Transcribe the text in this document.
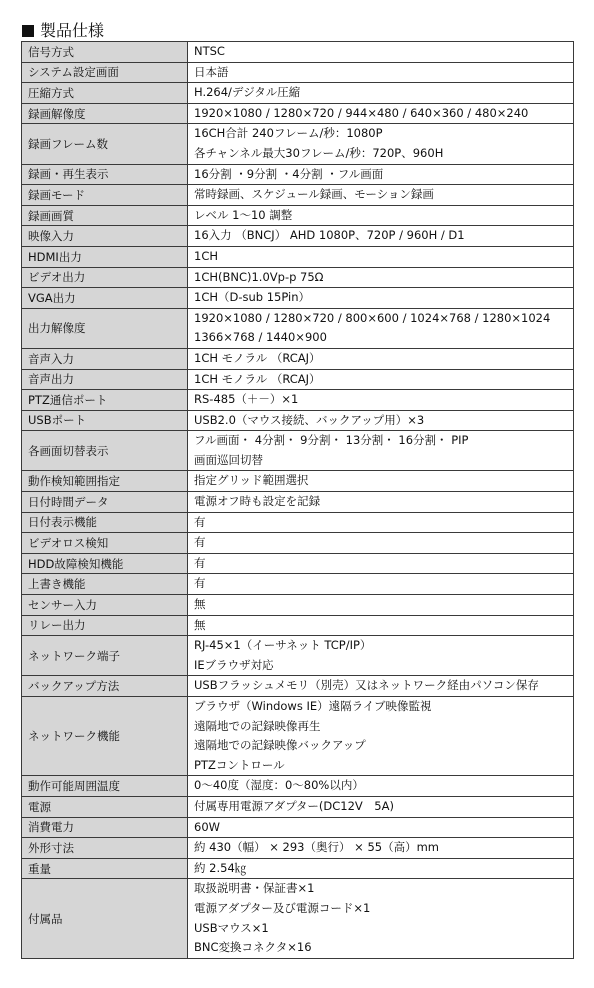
製品仕様
信号方式	NTSC

システム設定画面	日本語

圧縮方式	H.264/デジタル圧縮

録画解像度	1920×1080 / 1280×720 / 944×480 / 640×360 / 480×240

録画フレーム数	16CH合計 240フレーム/秒：1080P
各チャンネル最大30フレーム/秒：720P、960H

録画・再生表示	16分割 ・9分割 ・4分割 ・フル画面

録画モード	常時録画、スケジュール録画、モーション録画

録画画質	レベル 1〜10 調整

映像入力	16入力 （BNCJ） AHD 1080P、720P / 960H / D1

HDMI出力	1CH

ビデオ出力	1CH(BNC)1.0Vp-p 75Ω

VGA出力	1CH（D-sub 15Pin）

出力解像度	1920×1080 / 1280×720 / 800×600 / 1024×768 / 1280×1024
1366×768 / 1440×900

音声入力	1CH モノラル （RCAJ）

音声出力	1CH モノラル （RCAJ）

PTZ通信ポート	RS-485（＋－）×1

USBポート	USB2.0（マウス接続、バックアップ用）×3

各画面切替表示	フル画面・ 4分割・ 9分割・ 13分割・ 16分割・ PIP
画面巡回切替

動作検知範囲指定	指定グリッド範囲選択

日付時間データ	電源オフ時も設定を記録

日付表示機能	有

ビデオロス検知	有

HDD故障検知機能	有

上書き機能	有

センサー入力	無

リレー出力	無

ネットワーク端子	RJ-45×1（イーサネット TCP/IP）
IEブラウザ対応

バックアップ方法	USBフラッシュメモリ（別売）又はネットワーク経由パソコン保存

ネットワーク機能	ブラウザ（Windows IE）遠隔ライブ映像監視
遠隔地での記録映像再生
遠隔地での記録映像バックアップ
PTZコントロール

動作可能周囲温度	0〜40度（湿度：0〜80%以内）

電源	付属専用電源アダプター(DC12V　5A)

消費電力	60W

外形寸法	約 430（幅） × 293（奥行） × 55（高）mm

重量	約 2.54㎏

付属品	取扱説明書・保証書×1
電源アダプター及び電源コード×1
USBマウス×1
BNC変換コネクタ×16
